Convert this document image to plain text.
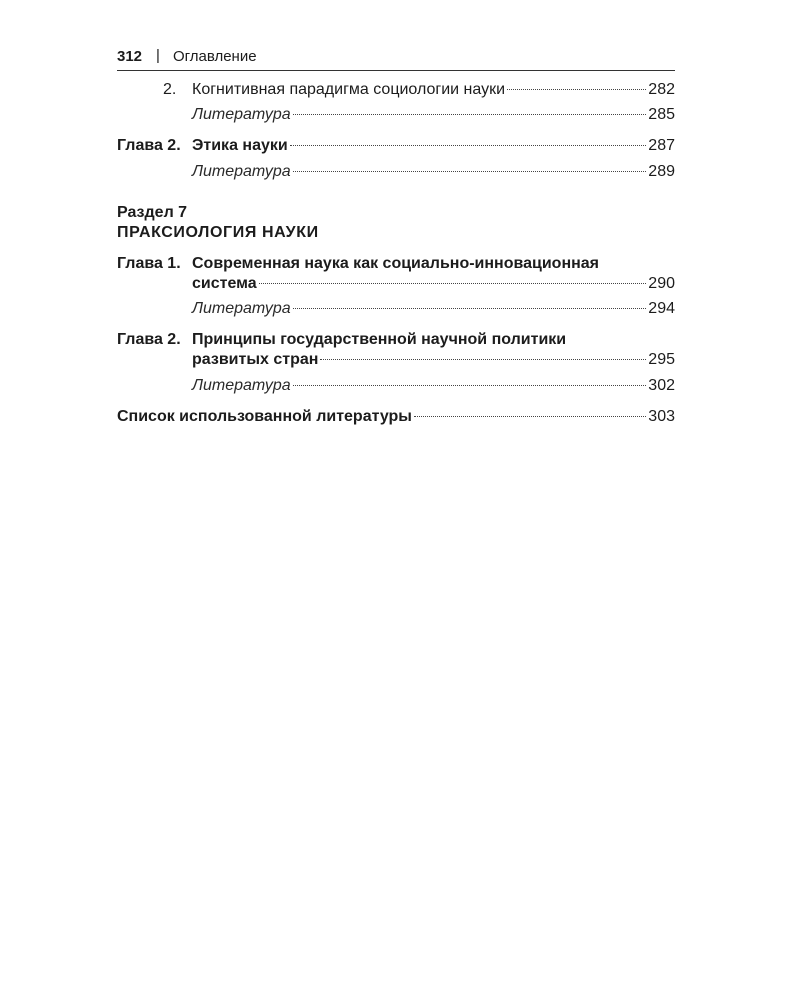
312 | Оглавление
2. Когнитивная парадигма социологии науки	282
Литература	285
Глава 2. Этика науки	287
Литература	289
Раздел 7
ПРАКСИОЛОГИЯ НАУКИ
Глава 1. Современная наука как социально-инновационная
система	290
Литература	294
Глава 2. Принципы государственной научной политики
развитых стран	295
Литература	302
Список использованной литературы	303
